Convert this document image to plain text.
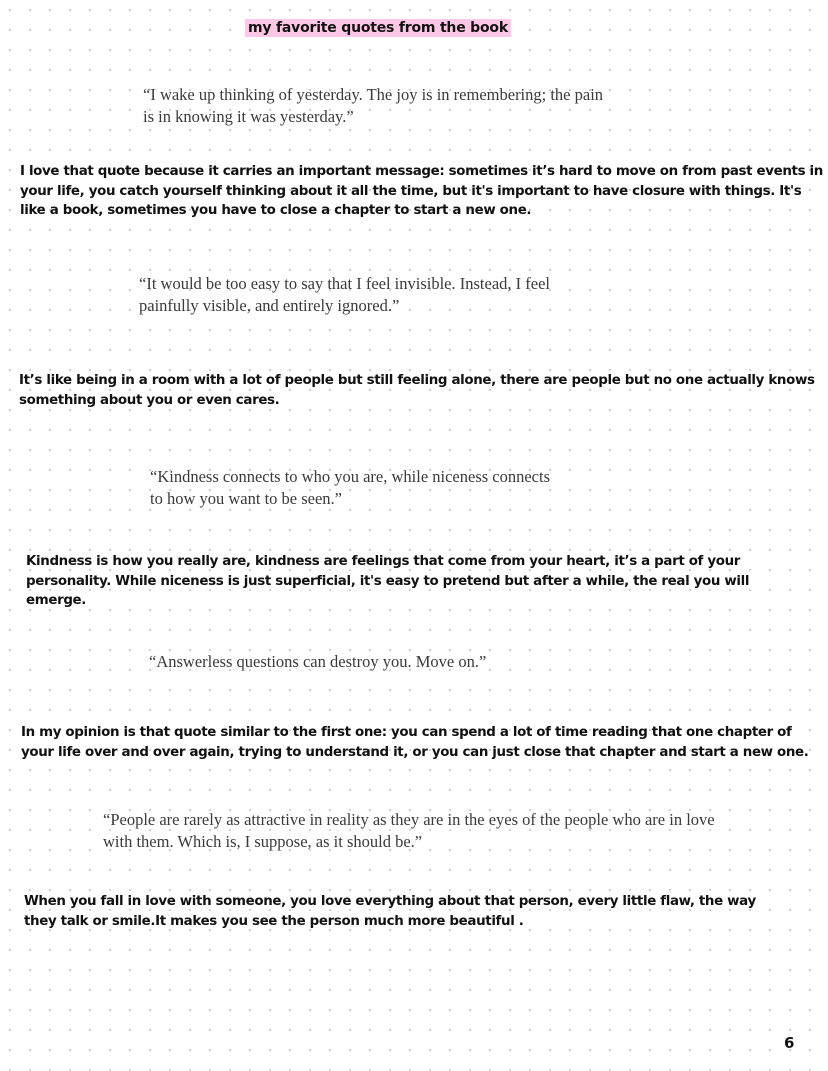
my favorite quotes from the book

“I wake up thinking of yesterday. The joy is in remembering; the pain is in knowing it was yesterday.”

I love that quote because it carries an important message: sometimes it’s hard to move on from past events in your life, you catch yourself thinking about it all the time, but it's important to have closure with things. It's like a book, sometimes you have to close a chapter to start a new one.

“It would be too easy to say that I feel invisible. Instead, I feel painfully visible, and entirely ignored.”

It’s like being in a room with a lot of people but still feeling alone, there are people but no one actually knows something about you or even cares.

“Kindness connects to who you are, while niceness connects to how you want to be seen.”

Kindness is how you really are, kindness are feelings that come from your heart, it’s a part of your personality. While niceness is just superficial, it's easy to pretend but after a while, the real you will emerge.

“Answerless questions can destroy you. Move on.”

In my opinion is that quote similar to the first one: you can spend a lot of time reading that one chapter of your life over and over again, trying to understand it, or you can just close that chapter and start a new one.

“People are rarely as attractive in reality as they are in the eyes of the people who are in love with them. Which is, I suppose, as it should be.”

When you fall in love with someone, you love everything about that person, every little flaw, the way they talk or smile.It makes you see the person much more beautiful .

6
